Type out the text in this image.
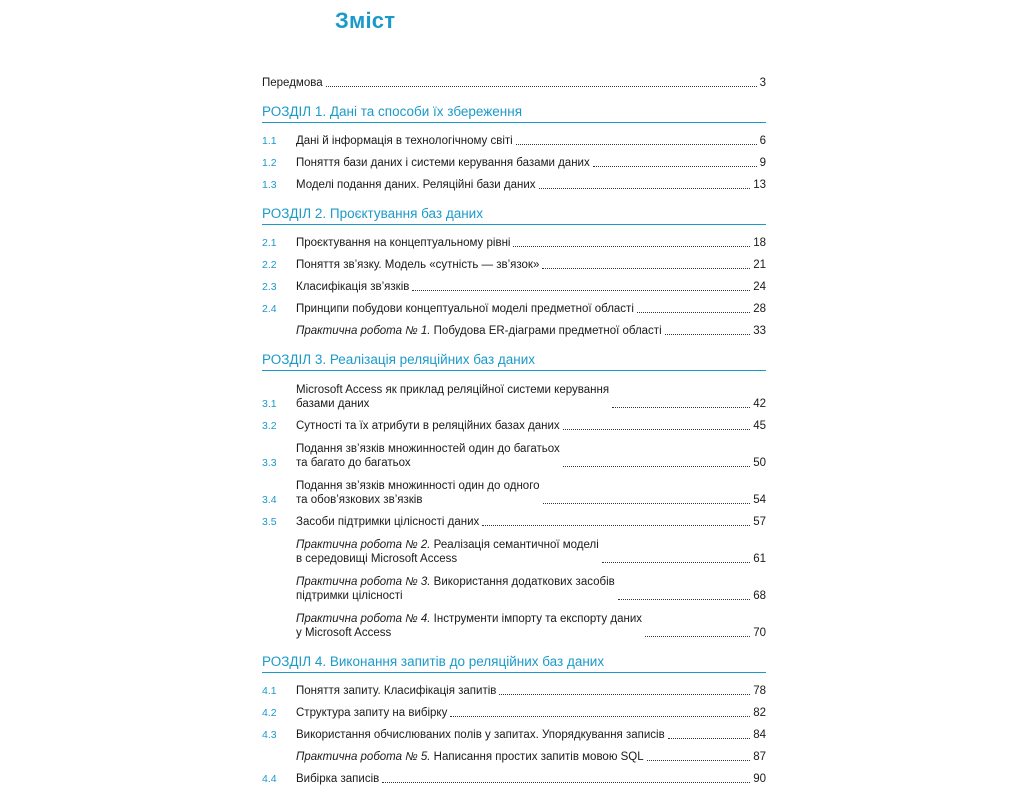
Зміст
Передмова	3
РОЗДІЛ 1. Дані та способи їх збереження
1.1	Дані й інформація в технологічному світі	6
1.2	Поняття бази даних і системи керування базами даних	9
1.3	Моделі подання даних. Реляційні бази даних	13
РОЗДІЛ 2. Проєктування баз даних
2.1	Проєктування на концептуальному рівні	18
2.2	Поняття зв’язку. Модель «сутність — зв’язок»	21
2.3	Класифікація зв’язків	24
2.4	Принципи побудови концептуальної моделі предметної області	28
Практична робота № 1. Побудова ER-діаграми предметної області	33
РОЗДІЛ 3. Реалізація реляційних баз даних
3.1
Microsoft Access як приклад реляційної системи керування
базами даних	42
3.2	Сутності та їх атрибути в реляційних базах даних	45
3.3
Подання зв’язків множинностей один до багатьох
та багато до багатьох	50
3.4
Подання зв’язків множинності один до одного
та обов’язкових зв’язків	54
3.5	Засоби підтримки цілісності даних	57
Практична робота № 2. Реалізація семантичної моделі
в середовищі Microsoft Access	61
Практична робота № 3. Використання додаткових засобів
підтримки цілісності	68
Практична робота № 4. Інструменти імпорту та експорту даних
у Microsoft Access	70
РОЗДІЛ 4. Виконання запитів до реляційних баз даних
4.1	Поняття запиту. Класифікація запитів	78
4.2	Структура запиту на вибірку	82
4.3	Використання обчислюваних полів у запитах. Упорядкування записів	84
Практична робота № 5. Написання простих запитів мовою SQL	87
4.4	Вибірка записів	90
